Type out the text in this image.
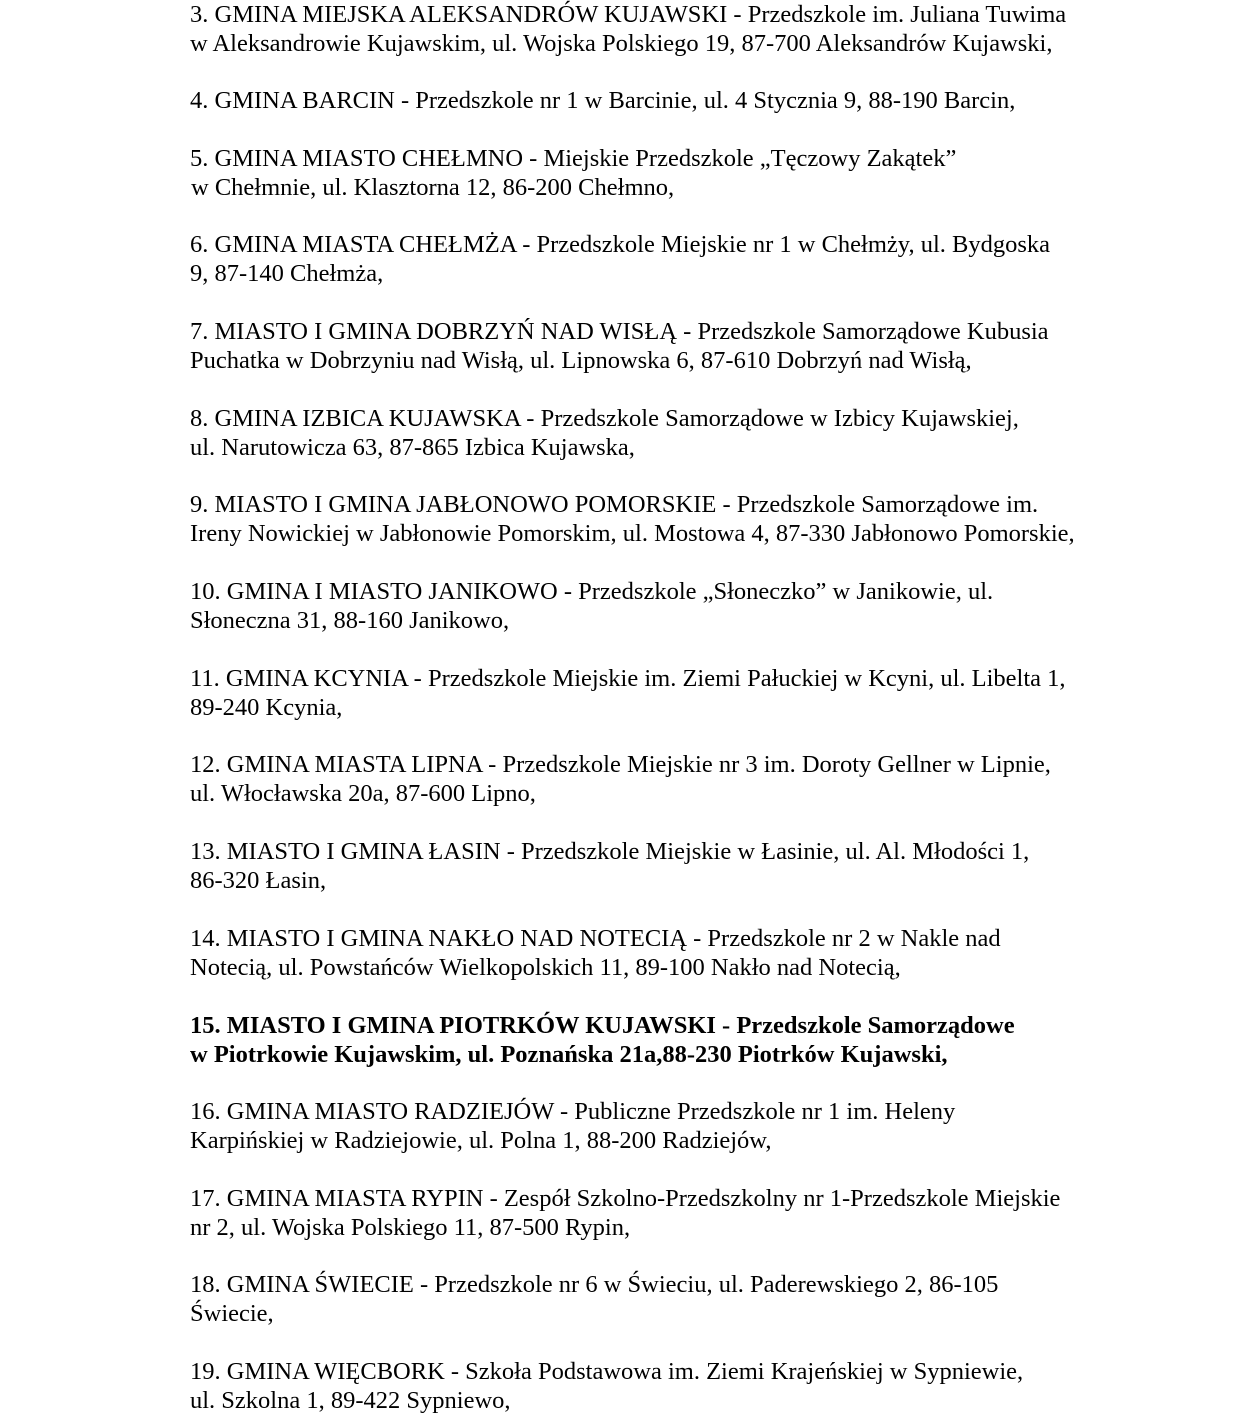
3. GMINA MIEJSKA ALEKSANDRÓW KUJAWSKI - Przedszkole im. Juliana Tuwima
w Aleksandrowie Kujawskim, ul. Wojska Polskiego 19, 87-700 Aleksandrów Kujawski,
4. GMINA BARCIN - Przedszkole nr 1 w Barcinie, ul. 4 Stycznia 9, 88-190 Barcin,
5. GMINA MIASTO CHEŁMNO - Miejskie Przedszkole „Tęczowy Zakątek”
w Chełmnie, ul. Klasztorna 12, 86-200 Chełmno,
6. GMINA MIASTA CHEŁMŻA - Przedszkole Miejskie nr 1 w Chełmży, ul. Bydgoska
9, 87-140 Chełmża,
7. MIASTO I GMINA DOBRZYŃ NAD WISŁĄ - Przedszkole Samorządowe Kubusia
Puchatka w Dobrzyniu nad Wisłą, ul. Lipnowska 6, 87-610 Dobrzyń nad Wisłą,
8. GMINA IZBICA KUJAWSKA - Przedszkole Samorządowe w Izbicy Kujawskiej,
ul. Narutowicza 63, 87-865 Izbica Kujawska,
9. MIASTO I GMINA JABŁONOWO POMORSKIE - Przedszkole Samorządowe im.
Ireny Nowickiej w Jabłonowie Pomorskim, ul. Mostowa 4, 87-330 Jabłonowo Pomorskie,
10. GMINA I MIASTO JANIKOWO - Przedszkole „Słoneczko” w Janikowie, ul.
Słoneczna 31, 88-160 Janikowo,
11. GMINA KCYNIA - Przedszkole Miejskie im. Ziemi Pałuckiej w Kcyni, ul. Libelta 1,
89-240 Kcynia,
12. GMINA MIASTA LIPNA - Przedszkole Miejskie nr 3 im. Doroty Gellner w Lipnie,
ul. Włocławska 20a, 87-600 Lipno,
13. MIASTO I GMINA ŁASIN - Przedszkole Miejskie w Łasinie, ul. Al. Młodości 1,
86-320 Łasin,
14. MIASTO I GMINA NAKŁO NAD NOTECIĄ - Przedszkole nr 2 w Nakle nad
Notecią, ul. Powstańców Wielkopolskich 11, 89-100 Nakło nad Notecią,
15. MIASTO I GMINA PIOTRKÓW KUJAWSKI - Przedszkole Samorządowe
w Piotrkowie Kujawskim, ul. Poznańska 21a,88-230 Piotrków Kujawski,
16. GMINA MIASTO RADZIEJÓW - Publiczne Przedszkole nr 1 im. Heleny
Karpińskiej w Radziejowie, ul. Polna 1, 88-200 Radziejów,
17. GMINA MIASTA RYPIN - Zespół Szkolno-Przedszkolny nr 1-Przedszkole Miejskie
nr 2, ul. Wojska Polskiego 11, 87-500 Rypin,
18. GMINA ŚWIECIE - Przedszkole nr 6 w Świeciu, ul. Paderewskiego 2, 86-105
Świecie,
19. GMINA WIĘCBORK - Szkoła Podstawowa im. Ziemi Krajeńskiej w Sypniewie,
ul. Szkolna 1, 89-422 Sypniewo,
